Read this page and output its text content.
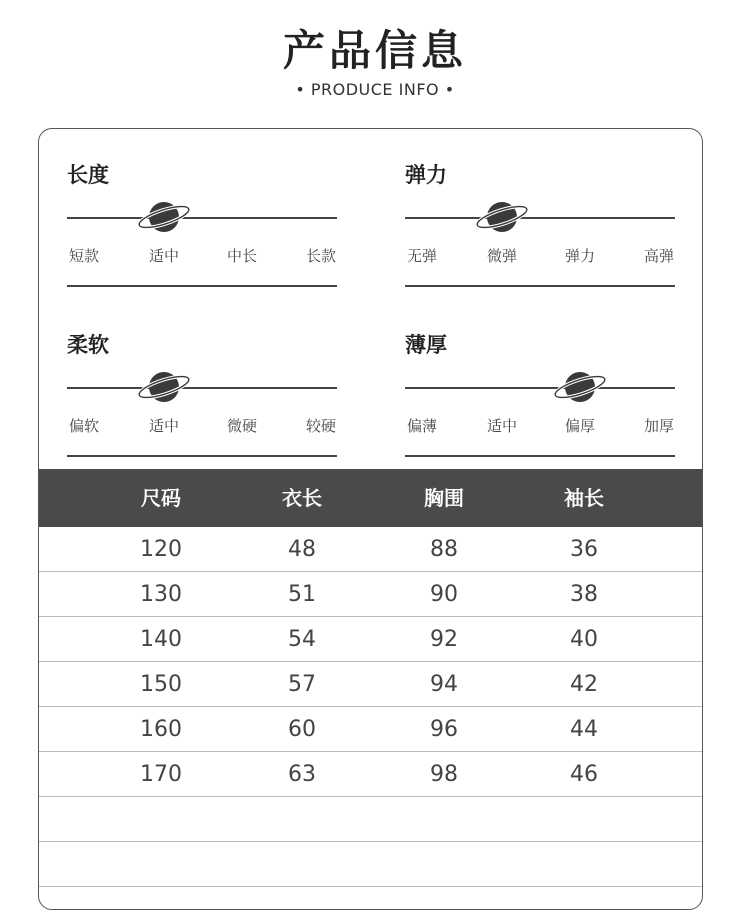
产品信息
• PRODUCE INFO •
长度
短款	适中	中长	长款
弹力
无弹	微弹	弹力	高弹
柔软
偏软	适中	微硬	较硬
薄厚
偏薄	适中	偏厚	加厚
尺码	衣长	胸围	袖长
120	48	88	36
130	51	90	38
140	54	92	40
150	57	94	42
160	60	96	44
170	63	98	46
